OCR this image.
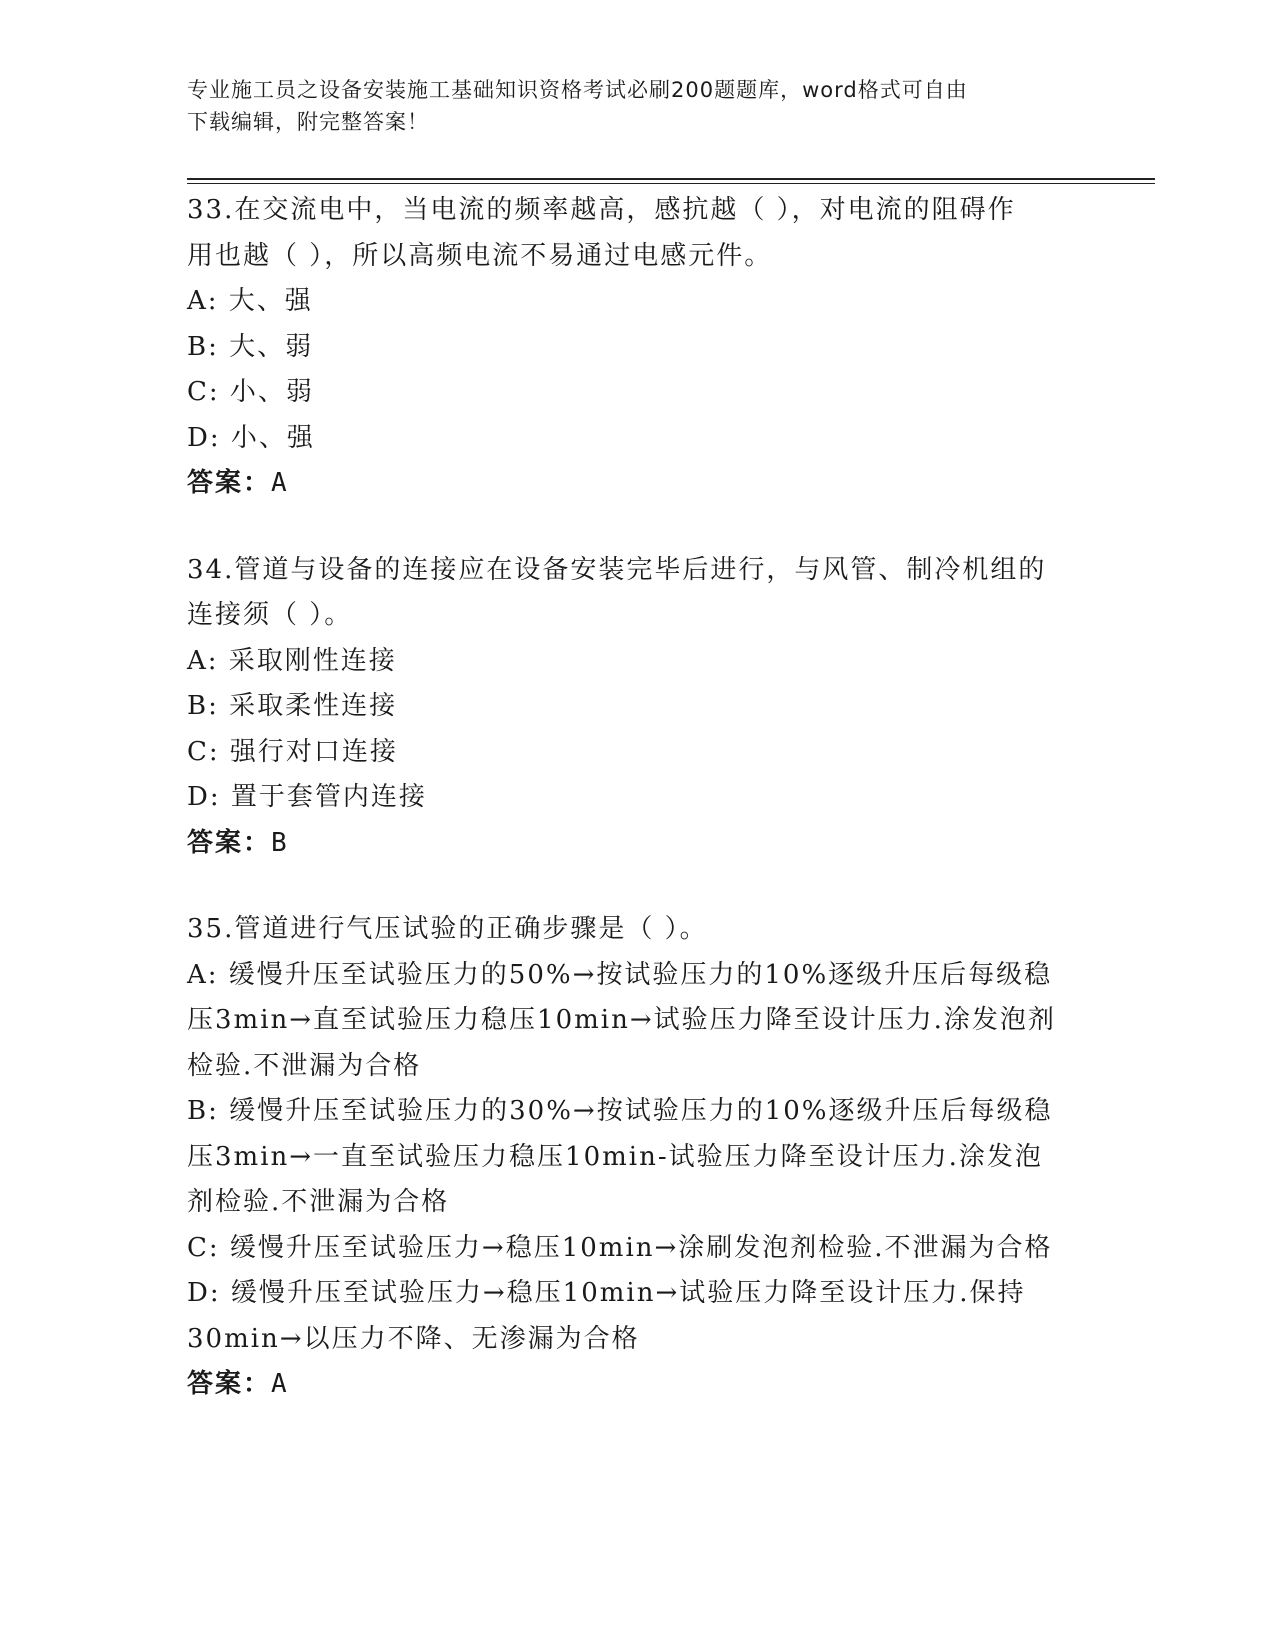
专业施工员之设备安装施工基础知识资格考试必刷200题题库，word格式可自由
下载编辑，附完整答案！
33.在交流电中，当电流的频率越高，感抗越（ ），对电流的阻碍作
用也越（ ），所以高频电流不易通过电感元件。
A: 大、强
B: 大、弱
C: 小、弱
D: 小、强
答案：A
34.管道与设备的连接应在设备安装完毕后进行，与风管、制冷机组的
连接须（ ）。
A: 采取刚性连接
B: 采取柔性连接
C: 强行对口连接
D: 置于套管内连接
答案：B
35.管道进行气压试验的正确步骤是（ ）。
A: 缓慢升压至试验压力的50%→按试验压力的10%逐级升压后每级稳
压3min→直至试验压力稳压10min→试验压力降至设计压力.涂发泡剂
检验.不泄漏为合格
B: 缓慢升压至试验压力的30%→按试验压力的10%逐级升压后每级稳
压3min→一直至试验压力稳压10min-试验压力降至设计压力.涂发泡
剂检验.不泄漏为合格
C: 缓慢升压至试验压力→稳压10min→涂刷发泡剂检验.不泄漏为合格
D: 缓慢升压至试验压力→稳压10min→试验压力降至设计压力.保持
30min→以压力不降、无渗漏为合格
答案：A
